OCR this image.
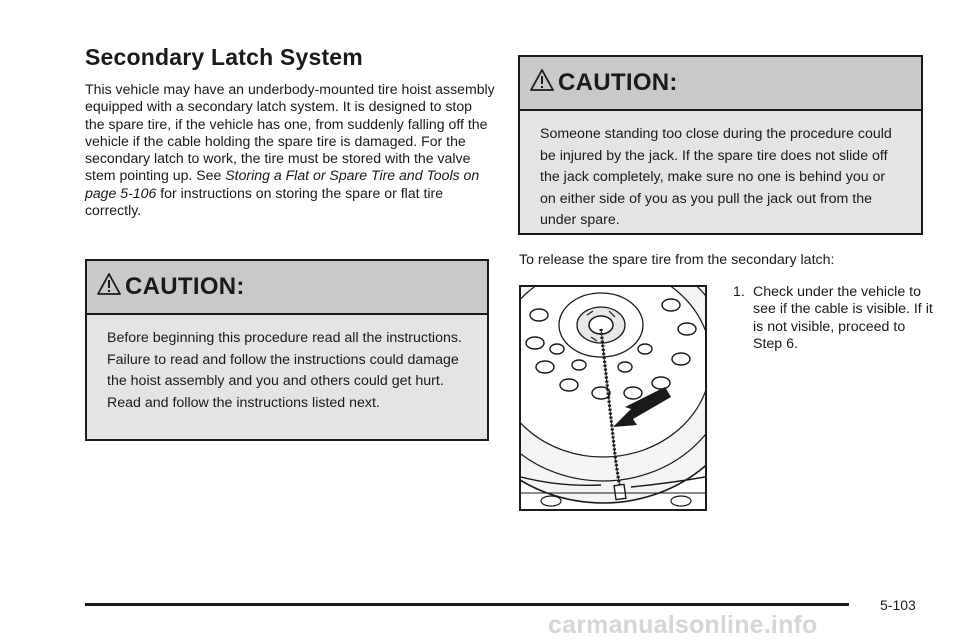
Secondary Latch System

This vehicle may have an underbody-mounted tire hoist assembly equipped with a secondary latch system. It is designed to stop the spare tire, if the vehicle has one, from suddenly falling off the vehicle if the cable holding the spare tire is damaged. For the secondary latch to work, the tire must be stored with the valve stem pointing up. See Storing a Flat or Spare Tire and Tools on page 5-106 for instructions on storing the spare or flat tire correctly.

CAUTION:

Before beginning this procedure read all the instructions. Failure to read and follow the instructions could damage the hoist assembly and you and others could get hurt. Read and follow the instructions listed next.

CAUTION:

Someone standing too close during the procedure could be injured by the jack. If the spare tire does not slide off the jack completely, make sure no one is behind you or on either side of you as you pull the jack out from the under spare.

To release the spare tire from the secondary latch:

1. Check under the vehicle to see if the cable is visible. If it is not visible, proceed to Step 6.
5-103
carmanualsonline.info
